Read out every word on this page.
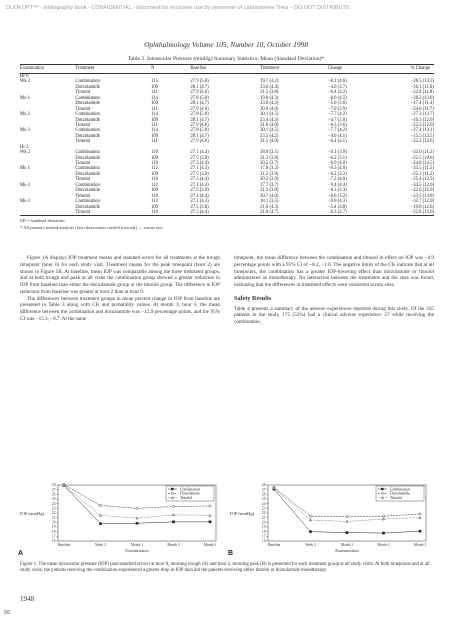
DUOKOPT™ - bibliography book - CONFIDENTIAL - document for exclusive use by personnel of Laboratoires Théa – DO NOT DISTRIBUTE
Ophthalmology Volume 105, Number 10, October 1998
Table 2. Intraocular Pressure (mmHg) Summary Statistics: Mean (Standard Deviation)*
Examination	Treatment	N	Baseline	Treatment	Change	% Change
Hr 0						
Wk 2	Combination	115	27.9 (5.0)	19.7 (4.2)	−8.1 (4.6)	−28.5 (13.3)
	Dorzolamide	109	28.1 (4.7)	23.6 (4.4)	−4.6 (3.7)	−16.1 (11.6)
	Timolol	111	27.9 (4.6)	21.5 (3.8)	−6.4 (4.2)	−22.4 (11.8)
Mo 1	Combination	114	27.8 (5.0)	19.8 (4.3)	−8.0 (4.5)	−28.2 (13.0)
	Dorzolamide	109	28.1 (4.7)	23.0 (4.2)	−5.0 (3.6)	−17.4 (11.4)
	Timolol	111	27.9 (4.6)	20.9 (4.0)	−7.0 (3.9)	−24.6 (11.7)
Mo 2	Combination	114	27.8 (5.0)	20.1 (4.5)	−7.7 (4.2)	−27.3 (12.7)
	Dorzolamide	109	28.1 (4.7)	23.4 (4.3)	−4.7 (3.8)	−16.3 (12.0)
	Timolol	111	27.9 (4.6)	21.6 (4.0)	−6.3 (3.6)	−22.3 (12.0)
Mo 3	Combination	114	27.8 (5.0)	20.1 (4.5)	−7.7 (4.2)	−27.4 (13.1)
	Dorzolamide	109	28.1 (4.7)	23.5 (4.2)	−4.6 (4.1)	−15.5 (13.5)
	Timolol	111	27.9 (4.6)	21.5 (4.0)	−6.4 (4.1)	−22.2 (12.6)
Hr 2						
Wk 2	Combination	110	27.1 (4.4)	18.0 (3.5)	−9.1 (3.9)	−33.0 (11.2)
	Dorzolamide	109	27.5 (3.8)	21.3 (3.8)	−6.2 (3.1)	−22.5 (10.6)
	Timolol	110	27.3 (4.4)	20.5 (3.7)	−6.9 (4.0)	−24.8 (14.5)
Mo 1	Combination	112	27.1 (4.3)	17.8 (3.2)	−9.3 (4.0)	−33.5 (11.5)
	Dorzolamide	109	27.5 (3.8)	21.2 (3.9)	−6.2 (3.3)	−22.1 (11.2)
	Timolol	110	27.3 (4.4)	20.2 (3.9)	−7.2 (4.0)	−25.4 (12.3)
Mo 2	Combination	112	27.1 (4.3)	17.7 (3.7)	−9.4 (4.4)	−34.5 (12.6)
	Dorzolamide	109	27.5 (3.8)	21.3 (3.9)	−6.3 (3.3)	−22.6 (12.9)
	Timolol	110	27.3 (4.4)	20.7 (4.0)	−6.6 (3.2)	−23.5 (14.8)
Mo 3	Combination	112	27.1 (4.3)	18.1 (3.5)	−9.0 (4.3)	−32.7 (12.9)
	Dorzolamide	109	27.5 (3.8)	21.8 (4.3)	−5.4 (3.8)	−19.8 (12.6)
	Timolol	110	27.3 (4.4)	21.0 (4.7)	−6.3 (4.7)	−22.8 (15.6)
SD = standard deviation.
* All patients treated analysis (last observation carried forward) — worse eye.

Figure 1A displays IOP treatment means and standard errors for all treatments at the trough timepoint (hour 0) for each study visit. Treatment means for the peak timepoint (hour 2) are shown in Figure 1B. At baseline, mean IOP was comparable among the three treatment groups, and at both trough and peak at all visits the combination group showed a greater reduction in IOP from baseline than either the dorzolamide group or the timolol group. The difference in IOP reduction from baseline was greater at hour 2 than at hour 0.

The differences between treatment groups in mean percent change in IOP from baseline are presented in Table 3 along with CIs and probability values. At month 3, hour 0, the mean difference between the combination and dorzolamide was −12.9 percentage points, and the 95% CI was −15.3, −8.7. At the same

timepoint, the mean difference between the combination and timolol in effect on IOP was −4.9 percentage points with a 95% CI of −8.2, −1.6. The negative limits of the CIs indicate that at all timepoints, the combination has a greater IOP-lowering effect than dorzolamide or timolol administered as monotherapy. No interaction between the treatments and the sites was found, indicating that the differences in treatment effects were consistent across sites.

Safety Results

Table 4 presents a summary of the adverse experiences reported during this study. Of the 335 patients in the study, 175 (52%) had a clinical adverse experience: 57 while receiving the combination,

28
27
26
25
24
23
22
21
20
19
18
17
16
IOP (mmHg)
Baseline	Week 2	Month 1	Month 2	Month 3
Examination
A
Combination
Dorzolamide
Timolol
28
27
26
25
24
23
22
21
20
19
18
17
16
IOP (mmHg)
Baseline	Week 2	Month 1	Month 2	Month 3
Examination
B
Combination
Dorzolamide
Timolol
Figure 1. The mean intraocular pressure (IOP) (and standard errors) at hour 0, morning trough (A) and hour 2, morning peak (B) is presented for each treatment group at all study visits. At both timepoints and at all study visits, the patients receiving the combination experienced a greater drop in IOP than did the patients receiving either timolol or dorzolamide monotherapy.
1948
56
